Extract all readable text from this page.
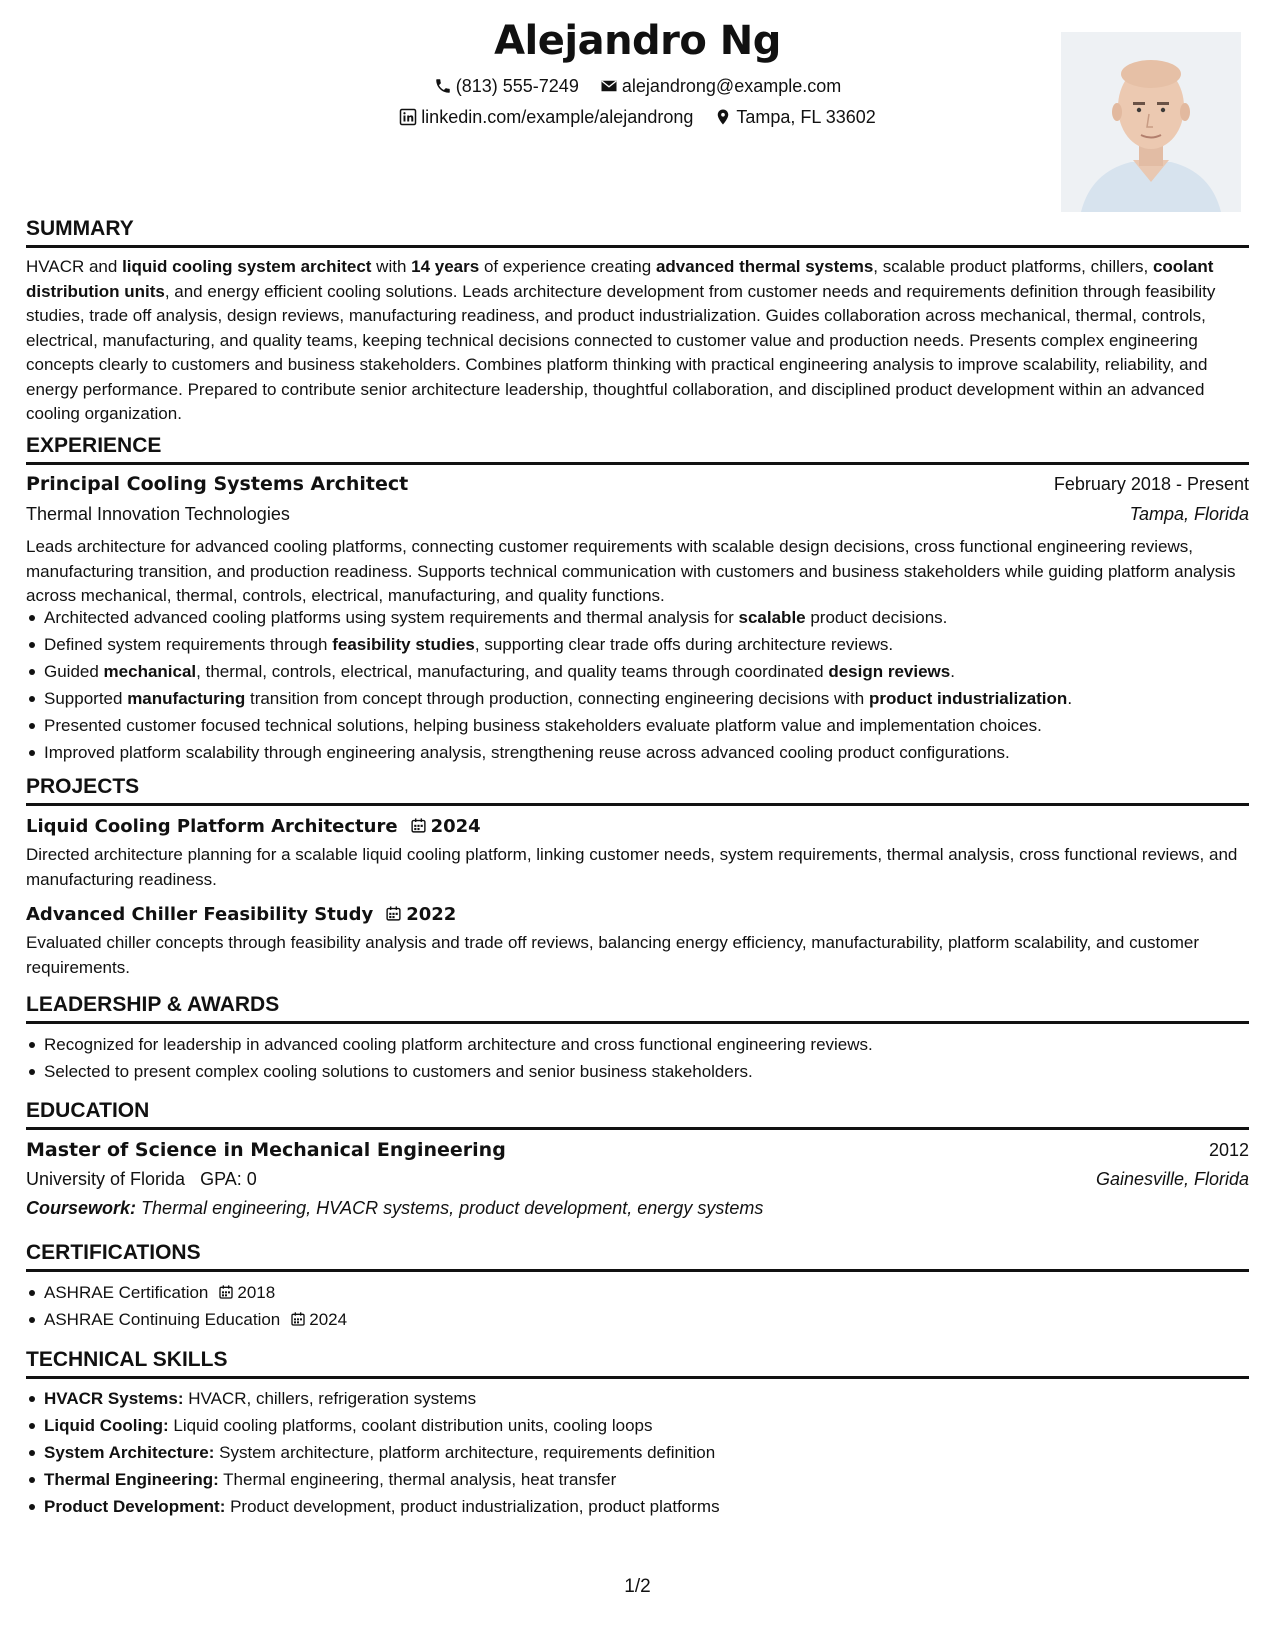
Alejandro Ng
(813) 555-7249 alejandrong@example.com
linkedin.com/example/alejandrong Tampa, FL 33602
SUMMARY
HVACR and liquid cooling system architect with 14 years of experience creating advanced thermal systems, scalable product platforms, chillers, coolant distribution units, and energy efficient cooling solutions. Leads architecture development from customer needs and requirements definition through feasibility studies, trade off analysis, design reviews, manufacturing readiness, and product industrialization. Guides collaboration across mechanical, thermal, controls, electrical, manufacturing, and quality teams, keeping technical decisions connected to customer value and production needs. Presents complex engineering concepts clearly to customers and business stakeholders. Combines platform thinking with practical engineering analysis to improve scalability, reliability, and energy performance. Prepared to contribute senior architecture leadership, thoughtful collaboration, and disciplined product development within an advanced cooling organization.
EXPERIENCE
Principal Cooling Systems Architect	February 2018 - Present
Thermal Innovation Technologies	Tampa, Florida
Leads architecture for advanced cooling platforms, connecting customer requirements with scalable design decisions, cross functional engineering reviews, manufacturing transition, and production readiness. Supports technical communication with customers and business stakeholders while guiding platform analysis across mechanical, thermal, controls, electrical, manufacturing, and quality functions.
Architected advanced cooling platforms using system requirements and thermal analysis for scalable product decisions.
Defined system requirements through feasibility studies, supporting clear trade offs during architecture reviews.
Guided mechanical, thermal, controls, electrical, manufacturing, and quality teams through coordinated design reviews.
Supported manufacturing transition from concept through production, connecting engineering decisions with product industrialization.
Presented customer focused technical solutions, helping business stakeholders evaluate platform value and implementation choices.
Improved platform scalability through engineering analysis, strengthening reuse across advanced cooling product configurations.
PROJECTS
Liquid Cooling Platform Architecture 2024
Directed architecture planning for a scalable liquid cooling platform, linking customer needs, system requirements, thermal analysis, cross functional reviews, and manufacturing readiness.
Advanced Chiller Feasibility Study 2022
Evaluated chiller concepts through feasibility analysis and trade off reviews, balancing energy efficiency, manufacturability, platform scalability, and customer requirements.
LEADERSHIP & AWARDS
Recognized for leadership in advanced cooling platform architecture and cross functional engineering reviews.
Selected to present complex cooling solutions to customers and senior business stakeholders.
EDUCATION
Master of Science in Mechanical Engineering	2012
University of Florida GPA: 0	Gainesville, Florida
Coursework: Thermal engineering, HVACR systems, product development, energy systems
CERTIFICATIONS
ASHRAE Certification 2018
ASHRAE Continuing Education 2024
TECHNICAL SKILLS
HVACR Systems: HVACR, chillers, refrigeration systems
Liquid Cooling: Liquid cooling platforms, coolant distribution units, cooling loops
System Architecture: System architecture, platform architecture, requirements definition
Thermal Engineering: Thermal engineering, thermal analysis, heat transfer
Product Development: Product development, product industrialization, product platforms
1/2
